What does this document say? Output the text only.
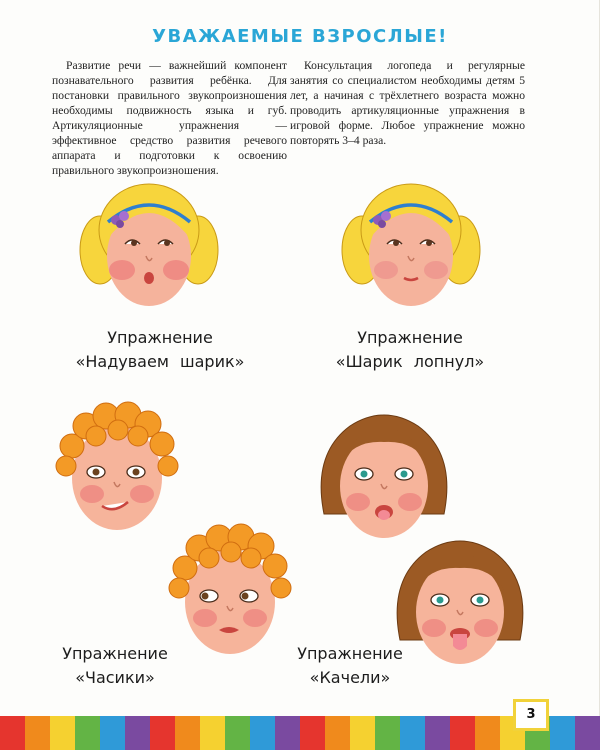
УВАЖАЕМЫЕ ВЗРОСЛЫЕ!

Развитие речи — важнейший компонент познавательного развития ребёнка. Для постановки правильного звукопроизношения необходимы подвижность языка и губ. Артикуляционные упражнения — эффективное средство развития речевого аппарата и подготовки к освоению правильного звукопроизношения.

Консультация логопеда и регулярные занятия со специалистом необходимы детям 5 лет, а начиная с трёхлетнего возраста можно проводить артикуляционные упражнения в игровой форме. Любое упражнение можно повторять 3–4 раза.

Упражнение
«Надуваем шарик»
Упражнение
«Шарик лопнул»
Упражнение
«Часики»
Упражнение
«Качели»
3
